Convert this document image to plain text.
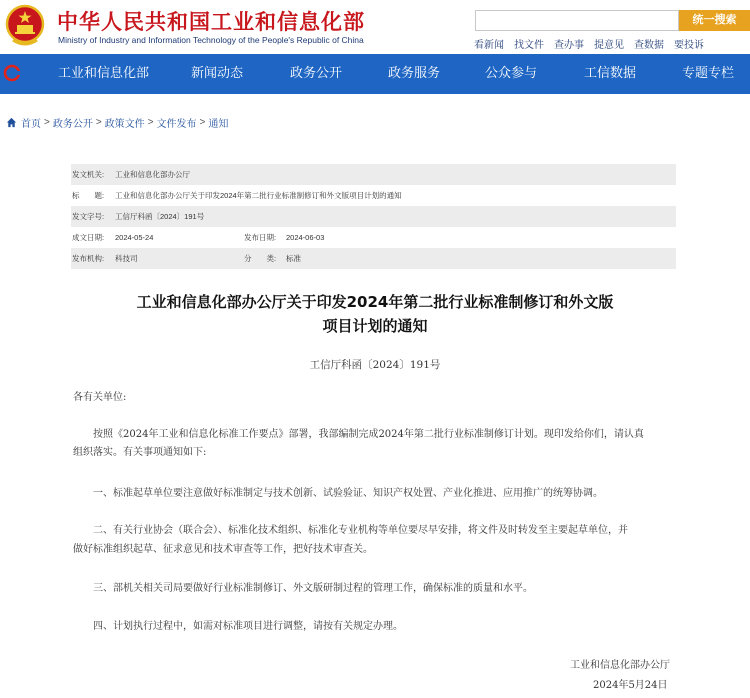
中华人民共和国工业和信息化部
Ministry of Industry and Information Technology of the People's Republic of China
统一搜索
看新闻 找文件 查办事 提意见 查数据 要投诉
工业和信息化部	新闻动态	政务公开	政务服务	公众参与	工信数据	专题专栏
首页 > 政务公开 > 政策文件 > 文件发布 > 通知
发文机关: 工业和信息化部办公厅
标　　题: 工业和信息化部办公厅关于印发2024年第二批行业标准制修订和外文版项目计划的通知
发文字号: 工信厅科函〔2024〕191号
成文日期: 2024-05-24	发布日期: 2024-06-03
发布机构: 科技司	分　　类: 标准
工业和信息化部办公厅关于印发2024年第二批行业标准制修订和外文版
项目计划的通知
工信厅科函〔2024〕191号
各有关单位:
按照《2024年工业和信息化标准工作要点》部署，我部编制完成2024年第二批行业标准制修订计划。现印发给你们，请认真
组织落实。有关事项通知如下:
一、标准起草单位要注意做好标准制定与技术创新、试验验证、知识产权处置、产业化推进、应用推广的统筹协调。
二、有关行业协会（联合会）、标准化技术组织、标准化专业机构等单位要尽早安排，将文件及时转发至主要起草单位，并
做好标准组织起草、征求意见和技术审查等工作，把好技术审查关。
三、部机关相关司局要做好行业标准制修订、外文版研制过程的管理工作，确保标准的质量和水平。
四、计划执行过程中，如需对标准项目进行调整，请按有关规定办理。
工业和信息化部办公厅
2024年5月24日
